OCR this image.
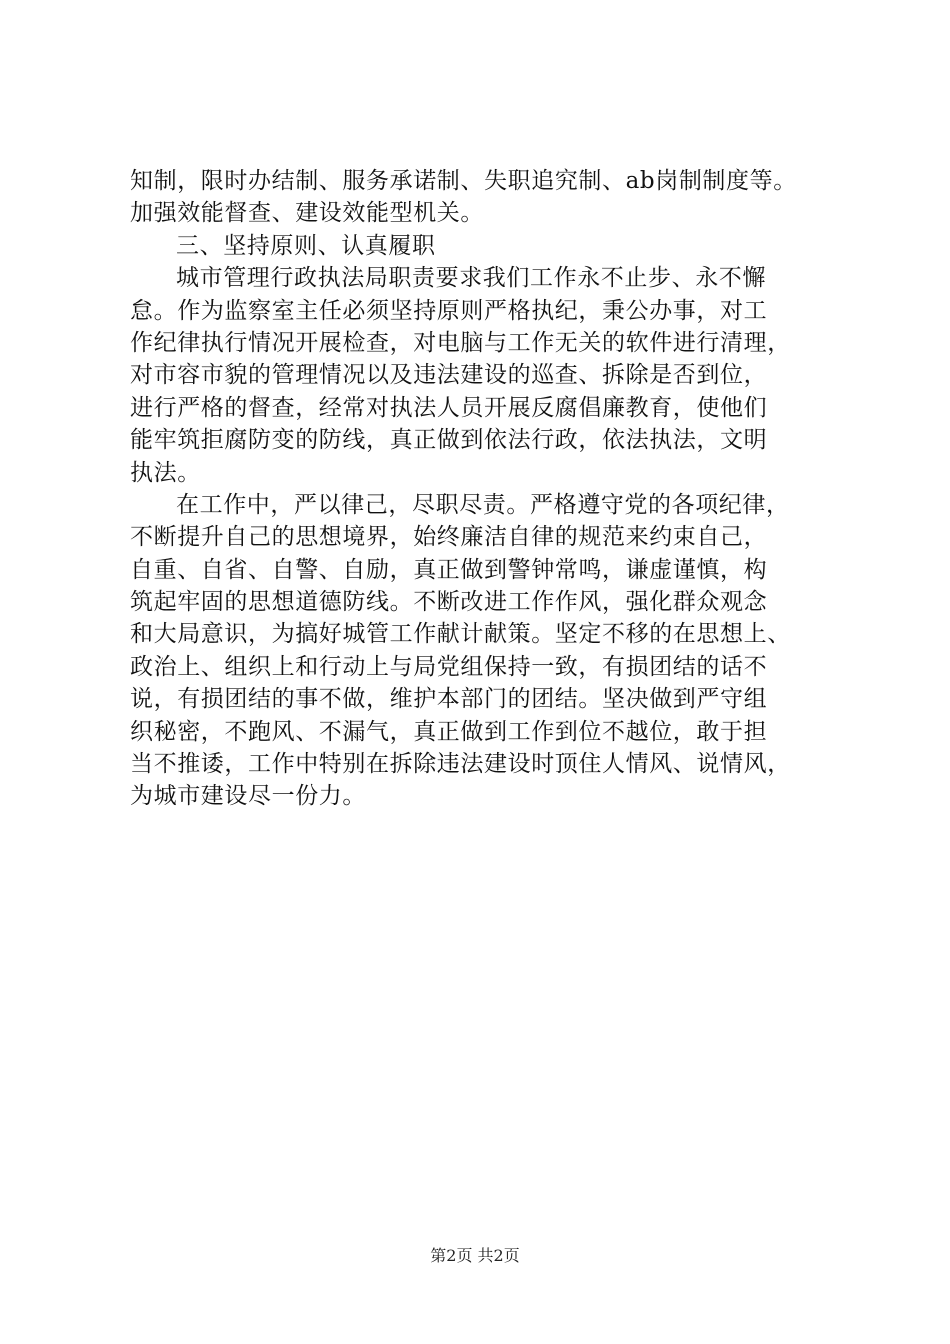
知制，限时办结制、服务承诺制、失职追究制、ab岗制制度等。
加强效能督查、建设效能型机关。
三、坚持原则、认真履职
城市管理行政执法局职责要求我们工作永不止步、永不懈
怠。作为监察室主任必须坚持原则严格执纪，秉公办事，对工
作纪律执行情况开展检查，对电脑与工作无关的软件进行清理，
对市容市貌的管理情况以及违法建设的巡查、拆除是否到位，
进行严格的督查，经常对执法人员开展反腐倡廉教育，使他们
能牢筑拒腐防变的防线，真正做到依法行政，依法执法，文明
执法。
在工作中，严以律己，尽职尽责。严格遵守党的各项纪律，
不断提升自己的思想境界，始终廉洁自律的规范来约束自己，
自重、自省、自警、自励，真正做到警钟常鸣，谦虚谨慎，构
筑起牢固的思想道德防线。不断改进工作作风，强化群众观念
和大局意识，为搞好城管工作献计献策。坚定不移的在思想上、
政治上、组织上和行动上与局党组保持一致，有损团结的话不
说，有损团结的事不做，维护本部门的团结。坚决做到严守组
织秘密，不跑风、不漏气，真正做到工作到位不越位，敢于担
当不推诿，工作中特别在拆除违法建设时顶住人情风、说情风，
为城市建设尽一份力。
第2页 共2页
